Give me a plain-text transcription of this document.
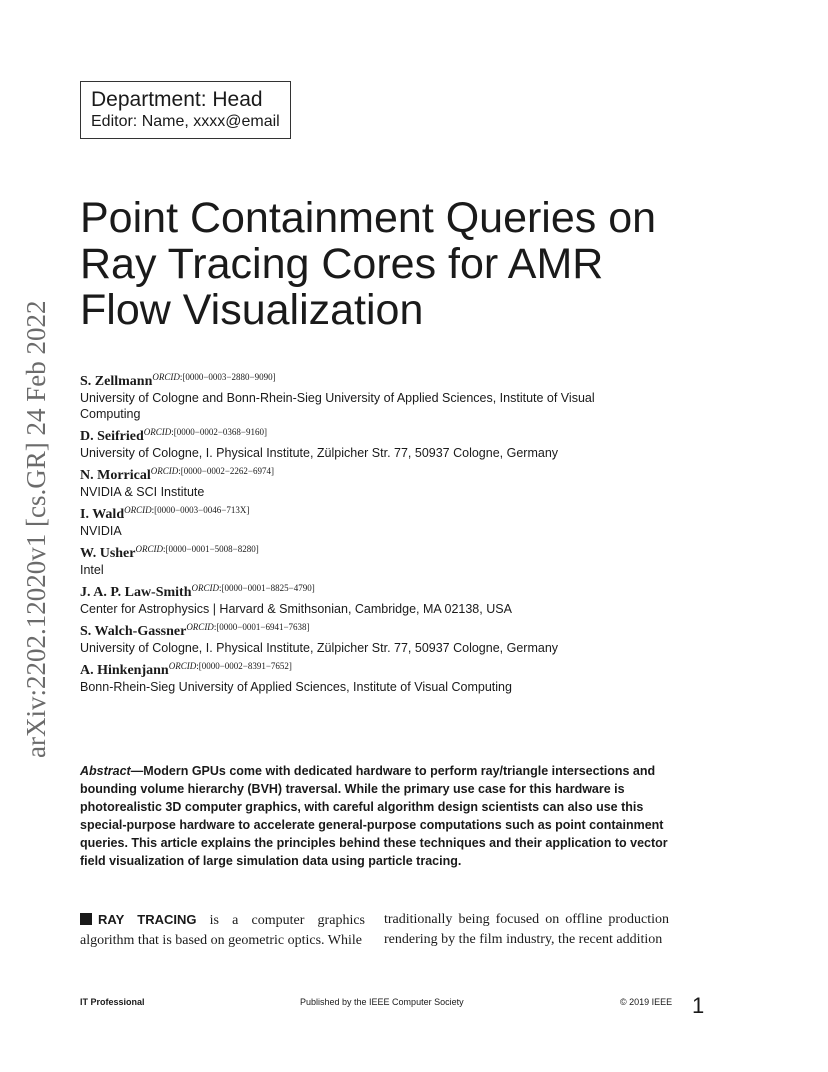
Department: Head
Editor: Name, xxxx@email
arXiv:2202.12020v1 [cs.GR] 24 Feb 2022
Point Containment Queries on
Ray Tracing Cores for AMR
Flow Visualization
S. Zellmann$^{ORCID:[0000-0003-2880-9090]}$
University of Cologne and Bonn-Rhein-Sieg University of Applied Sciences, Institute of Visual Computing
D. Seifried$^{ORCID:[0000-0002-0368-9160]}$
University of Cologne, I. Physical Institute, Zülpicher Str. 77, 50937 Cologne, Germany
N. Morrical$^{ORCID:[0000-0002-2262-6974]}$
NVIDIA & SCI Institute
I. Wald$^{ORCID:[0000-0003-0046-713X]}$
NVIDIA
W. Usher$^{ORCID:[0000-0001-5008-8280]}$
Intel
J. A. P. Law-Smith$^{ORCID:[0000-0001-8825-4790]}$
Center for Astrophysics | Harvard & Smithsonian, Cambridge, MA 02138, USA
S. Walch-Gassner$^{ORCID:[0000-0001-6941-7638]}$
University of Cologne, I. Physical Institute, Zülpicher Str. 77, 50937 Cologne, Germany
A. Hinkenjann$^{ORCID:[0000-0002-8391-7652]}$
Bonn-Rhein-Sieg University of Applied Sciences, Institute of Visual Computing

Abstract—Modern GPUs come with dedicated hardware to perform ray/triangle intersections and bounding volume hierarchy (BVH) traversal. While the primary use case for this hardware is photorealistic 3D computer graphics, with careful algorithm design scientists can also use this special-purpose hardware to accelerate general-purpose computations such as point containment queries. This article explains the principles behind these techniques and their application to vector field visualization of large simulation data using particle tracing.

RAY TRACING is a computer graphics algorithm that is based on geometric optics. While

traditionally being focused on offline production rendering by the film industry, the recent addition

IT Professional	Published by the IEEE Computer Society	© 2019 IEEE 1
